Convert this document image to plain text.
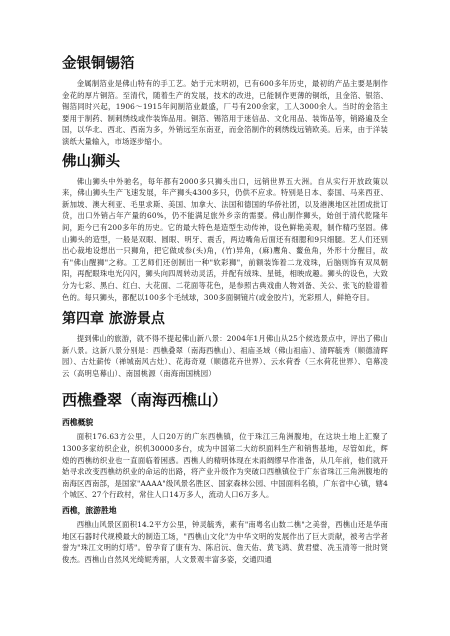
金银铜锡箔

金属制箔业是佛山特有的手工艺。始于元末明初，已有600多年历史，最初的产品主要是制作金花的厚片铜箔。至清代，随着生产的发展，技术的改进，已能制作更薄的铜纸，且金箔、银箔、锡箔同时兴起，1906～1915年间制箔业最盛，厂号有200余家，工人3000余人。当时的金箔主要用于制药、制刺绣线或作装饰品用。铜箔、锡箔用于迷信品、文化用品、装饰品等，销路遍及全国，以华北、西北、西南为多，外销远至东南亚，而金箔制作的刺绣线远销欧美。后来，由于洋装演纸大量输入，市场逐步缩小。

佛山狮头

佛山狮头中外驰名，每年都有2000多只狮头出口，远销世界五大洲。自从实行开放政策以来，佛山狮头生产飞速发展，年产狮头4300多只，仍供不应求。特别是日本、泰国、马来西亚、新加坡、澳大利亚、毛里求斯、美国、加拿大、法国和德国的华侨社团，以及港澳地区社团成批订货，出口外销占年产量的60%，仍不能满足旅外乡亲的需要。佛山制作狮头，始创于清代乾隆年间，距今已有200多年的历史。它的最大特色是造型生动传神，设色鲜艳美观，制作精巧坚固。佛山狮头的造型，一般是双眼、圆眼、明牙、震舌，两边嘴角后面还有细腮和9只细腿。艺人们还别出心裁地设想出一只狮角，把它做成参(头)角，(竹)异角，(麻)鹰角、鳌鱼角，外形十分醒目，故有"佛山醒狮"之称。工艺师们还创制出一种"软彩狮"，前额装饰着二龙戏珠，后脑则饰有双凤朝阳，再配眼珠电光闪闪，狮头向四周转动灵活，并配有绒珠、星链，相映成趣。狮头的设色，大致分为七彩、黑白、红白、大花面、二花面等花色，是参照古典戏曲人物刘备、关公、张飞的脸谱着色的。每只狮头，都配以100多个毛绒球，300多面铜镜片(或金胶片)，光彩照人，鲜艳夺目。

第四章 旅游景点

提到佛山的旅游，就不得不提起佛山新八景：2004年1月佛山从25个候选景点中，评出了佛山新八景。这新八景分别是：西樵叠翠（南海西樵山）、祖庙圣域（佛山祖庙）、清晖毓秀（顺德清晖园）、古灶薪传（禅城南风古灶）、花海奇观（顺德花卉世界）、云水荷香（三水荷花世界）、皂幕凌云（高明皂幕山）、南国桃源（南海南国桃园）

西樵叠翠（南海西樵山）
西樵概貌

面积176.63方公里，人口20万的广东西樵镇，位于珠江三角洲腹地，在这块土地上汇聚了1300多家纺织企业，织机30000多台，成为中国第二大纺织面料生产和销售基地，尽管如此，辉煌的西樵纺织业也一直面临着困惑。西樵人的精明体现在未雨绸缪早作准备，从几年前，他们就开始寻求改变西樵纺织业的命运的出路，将产业升级作为突破口西樵镇位于广东省珠江三角洲腹地的南海区西南部，是国家"AAAA"级风景名胜区、国家森林公园、中国面料名镇，广东省中心镇，辖4个城区、27个行政村，常住人口14万多人，流动人口6万多人。

西樵，旅游胜地

西樵山风景区面积14.2平方公里，钟灵毓秀，素有"南粤名山数二樵"之美誉，西樵山还是华南地区石器时代规模最大的制造工场，"西樵山文化"为中华文明的发展作出了巨大贡献，被考古学者誉为"珠江文明的灯塔"。曾孕育了康有为、陈启沅、詹天佑、黄飞鸿、黄君璧、冼玉清等一批时贤俊杰。西樵山自然风光绮妮秀丽，人文景观丰富多姿，交通四通
